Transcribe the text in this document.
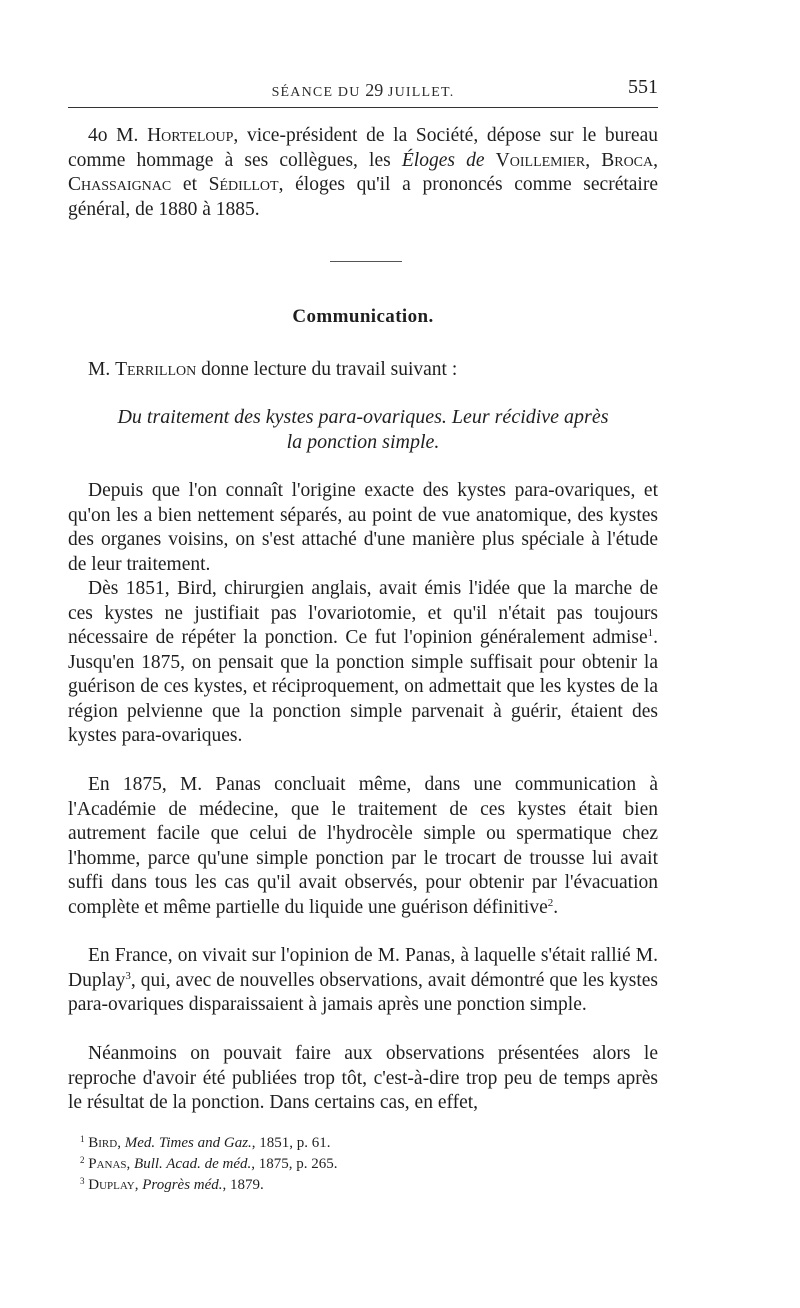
SÉANCE DU 29 JUILLET.	551

4o M. Horteloup, vice-président de la Société, dépose sur le bureau comme hommage à ses collègues, les Éloges de Voillemier, Broca, Chassaignac et Sédillot, éloges qu'il a prononcés comme secrétaire général, de 1880 à 1885.

Communication.

M. Terrillon donne lecture du travail suivant :

Du traitement des kystes para-ovariques. Leur récidive après
la ponction simple.

Depuis que l'on connaît l'origine exacte des kystes para-ovariques, et qu'on les a bien nettement séparés, au point de vue anatomique, des kystes des organes voisins, on s'est attaché d'une manière plus spéciale à l'étude de leur traitement.

Dès 1851, Bird, chirurgien anglais, avait émis l'idée que la marche de ces kystes ne justifiait pas l'ovariotomie, et qu'il n'était pas toujours nécessaire de répéter la ponction. Ce fut l'opinion généralement admise$^1$. Jusqu'en 1875, on pensait que la ponction simple suffisait pour obtenir la guérison de ces kystes, et réciproquement, on admettait que les kystes de la région pelvienne que la ponction simple parvenait à guérir, étaient des kystes para-ovariques.

En 1875, M. Panas concluait même, dans une communication à l'Académie de médecine, que le traitement de ces kystes était bien autrement facile que celui de l'hydrocèle simple ou spermatique chez l'homme, parce qu'une simple ponction par le trocart de trousse lui avait suffi dans tous les cas qu'il avait observés, pour obtenir par l'évacuation complète et même partielle du liquide une guérison définitive$^2$.

En France, on vivait sur l'opinion de M. Panas, à laquelle s'était rallié M. Duplay$^3$, qui, avec de nouvelles observations, avait démontré que les kystes para-ovariques disparaissaient à jamais après une ponction simple.

Néanmoins on pouvait faire aux observations présentées alors le reproche d'avoir été publiées trop tôt, c'est-à-dire trop peu de temps après le résultat de la ponction. Dans certains cas, en effet,

$^1$ Bird, Med. Times and Gaz., 1851, p. 61.

$^2$ Panas, Bull. Acad. de méd., 1875, p. 265.

$^3$ Duplay, Progrès méd., 1879.
